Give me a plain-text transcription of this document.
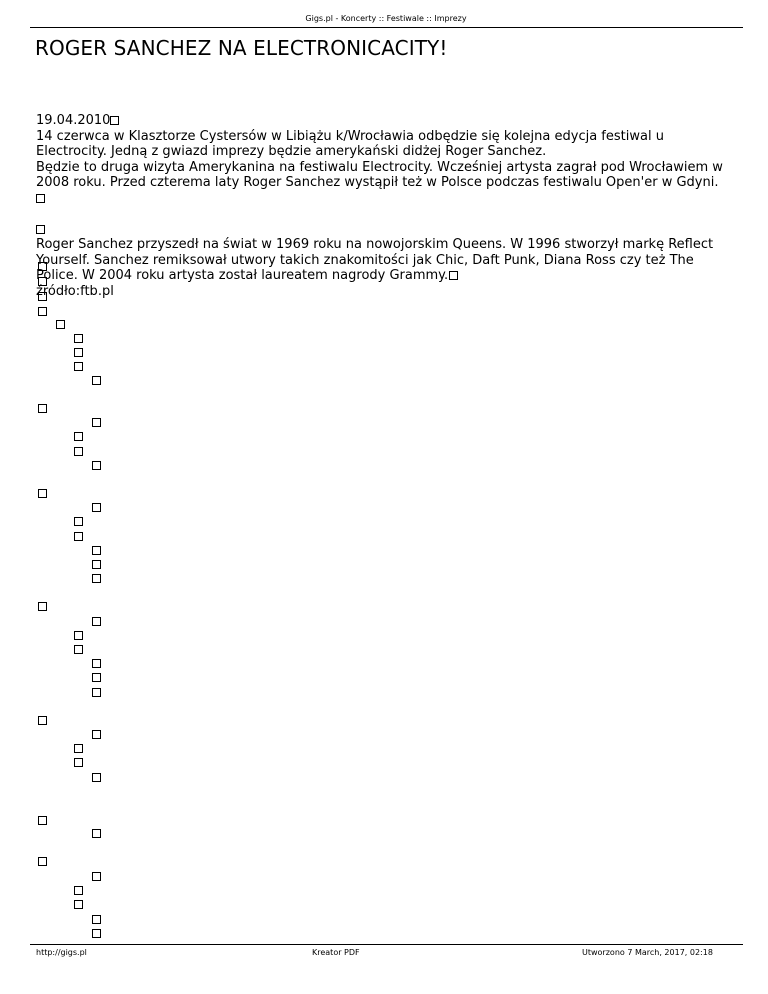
Gigs.pl - Koncerty :: Festiwale :: Imprezy
ROGER SANCHEZ NA ELECTRONICACITY!

19.04.2010

14 czerwca w Klasztorze Cystersów w Libiążu k/Wrocławia odbędzie się kolejna edycja festiwal u
Electrocity. Jedną z gwiazd imprezy będzie amerykański didżej Roger Sanchez.
Będzie to druga wizyta Amerykanina na festiwalu Electrocity. Wcześniej artysta zagrał pod Wrocławiem w
2008 roku. Przed czterema laty Roger Sanchez wystąpił też w Polsce podczas festiwalu Open'er w Gdyni.

Roger Sanchez przyszedł na świat w 1969 roku na nowojorskim Queens. W 1996 stworzył markę Reflect
Yourself. Sanchez remiksował utwory takich znakomitości jak Chic, Daft Punk, Diana Ross czy też The
Police. W 2004 roku artysta został laureatem nagrody Grammy.

źródło:ftb.pl

http://gigs.pl	Kreator PDF	Utworzono 7 March, 2017, 02:18
